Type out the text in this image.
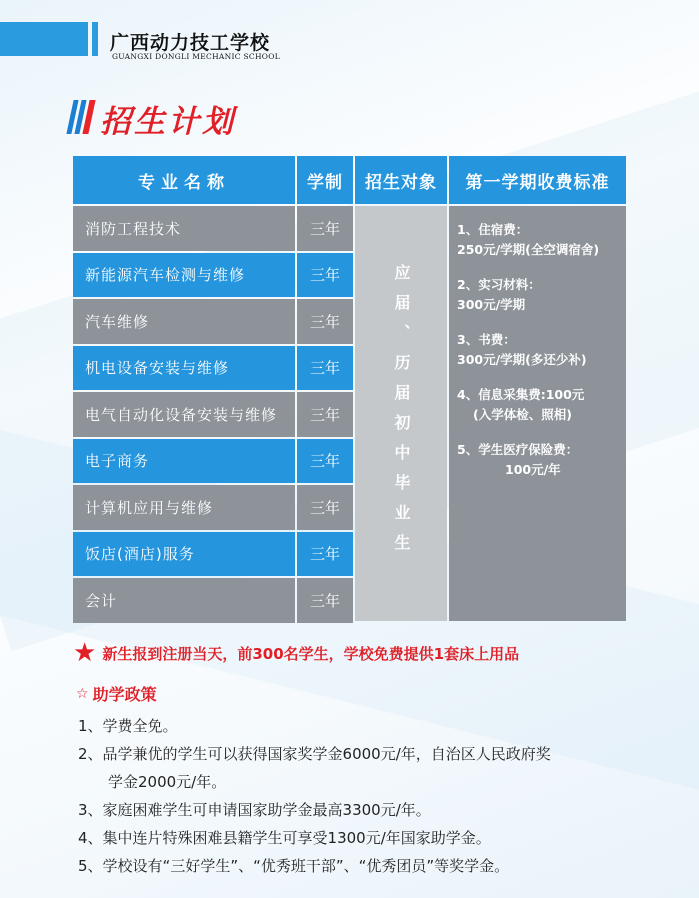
广西动力技工学校
GUANGXI DONGLI MECHANIC SCHOOL
招生计划
专业名称	学制	招生对象	第一学期收费标准
消防工程技术	三年
新能源汽车检测与维修	三年
汽车维修	三年
机电设备安装与维修	三年
电气自动化设备安装与维修	三年
电子商务	三年
计算机应用与维修	三年
饭店(酒店)服务	三年
会计	三年
应届、历届初中毕业生
1、住宿费：
250元/学期(全空调宿舍)
2、实习材料：
300元/学期
3、书费：
300元/学期(多还少补)
4、信息采集费:100元
(入学体检、照相)
5、学生医疗保险费：
100元/年
★ 新生报到注册当天，前300名学生，学校免费提供1套床上用品
☆ 助学政策
1、学费全免。
2、品学兼优的学生可以获得国家奖学金6000元/年，自治区人民政府奖
学金2000元/年。
3、家庭困难学生可申请国家助学金最高3300元/年。
4、集中连片特殊困难县籍学生可享受1300元/年国家助学金。
5、学校设有“三好学生”、“优秀班干部”、“优秀团员”等奖学金。
